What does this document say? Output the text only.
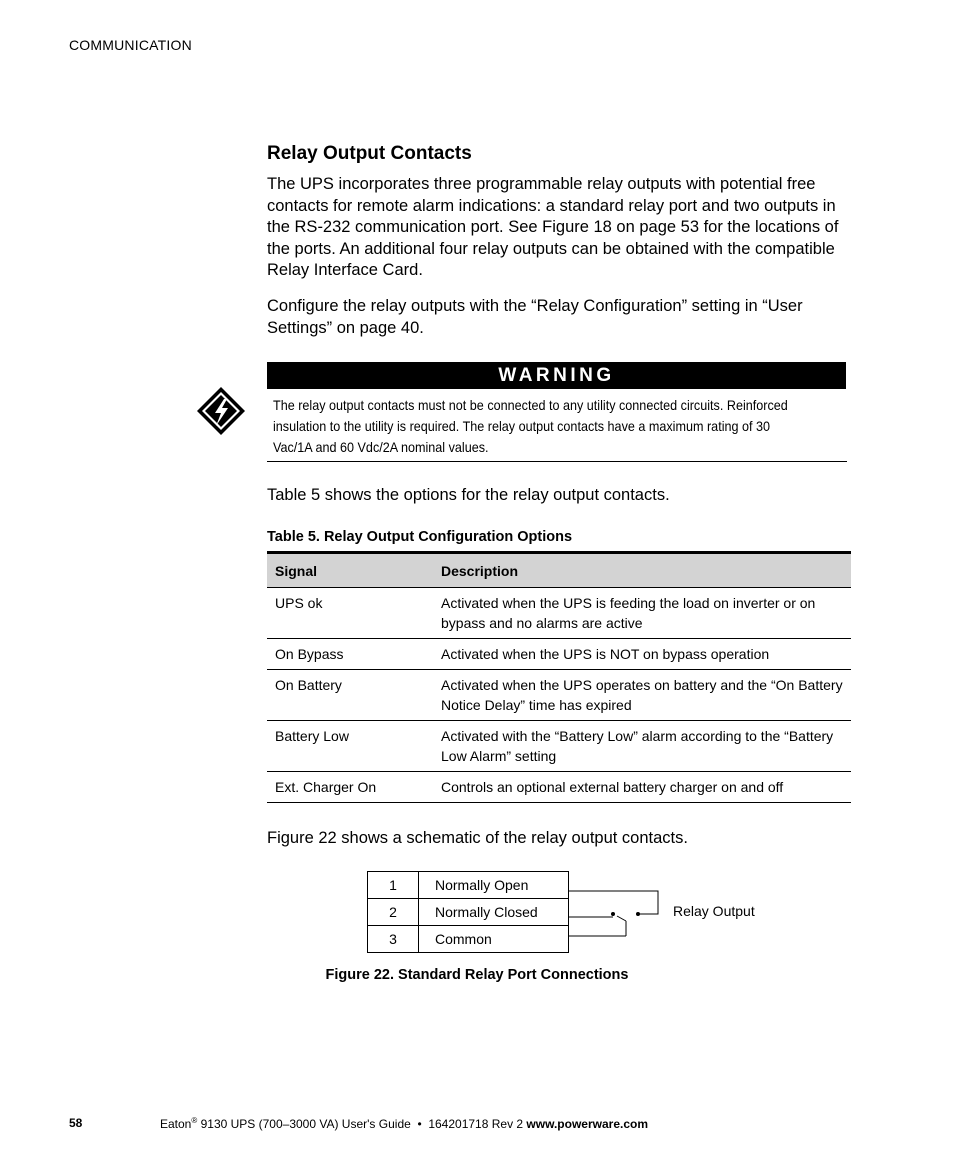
COMMUNICATION
Relay Output Contacts
The UPS incorporates three programmable relay outputs with potential free contacts for remote alarm indications: a standard relay port and two outputs in the RS-232 communication port. See Figure 18 on page 53 for the locations of the ports. An additional four relay outputs can be obtained with the compatible Relay Interface Card.
Configure the relay outputs with the “Relay Configuration” setting in “User Settings” on page 40.
WARNING
The relay output contacts must not be connected to any utility connected circuits. Reinforced insulation to the utility is required. The relay output contacts have a maximum rating of 30 Vac/1A and 60 Vdc/2A nominal values.
Table 5 shows the options for the relay output contacts.
Table 5. Relay Output Configuration Options
Signal	Description
UPS ok	Activated when the UPS is feeding the load on inverter or on bypass and no alarms are active
On Bypass	Activated when the UPS is NOT on bypass operation
On Battery	Activated when the UPS operates on battery and the “On Battery Notice Delay” time has expired
Battery Low	Activated with the “Battery Low” alarm according to the “Battery Low Alarm” setting
Ext. Charger On	Controls an optional external battery charger on and off
Figure 22 shows a schematic of the relay output contacts.
1	Normally Open
2	Normally Closed
3	Common
Relay Output
Figure 22. Standard Relay Port Connections
58	Eaton® 9130 UPS (700–3000 VA) User's Guide  •  164201718 Rev 2 www.powerware.com
